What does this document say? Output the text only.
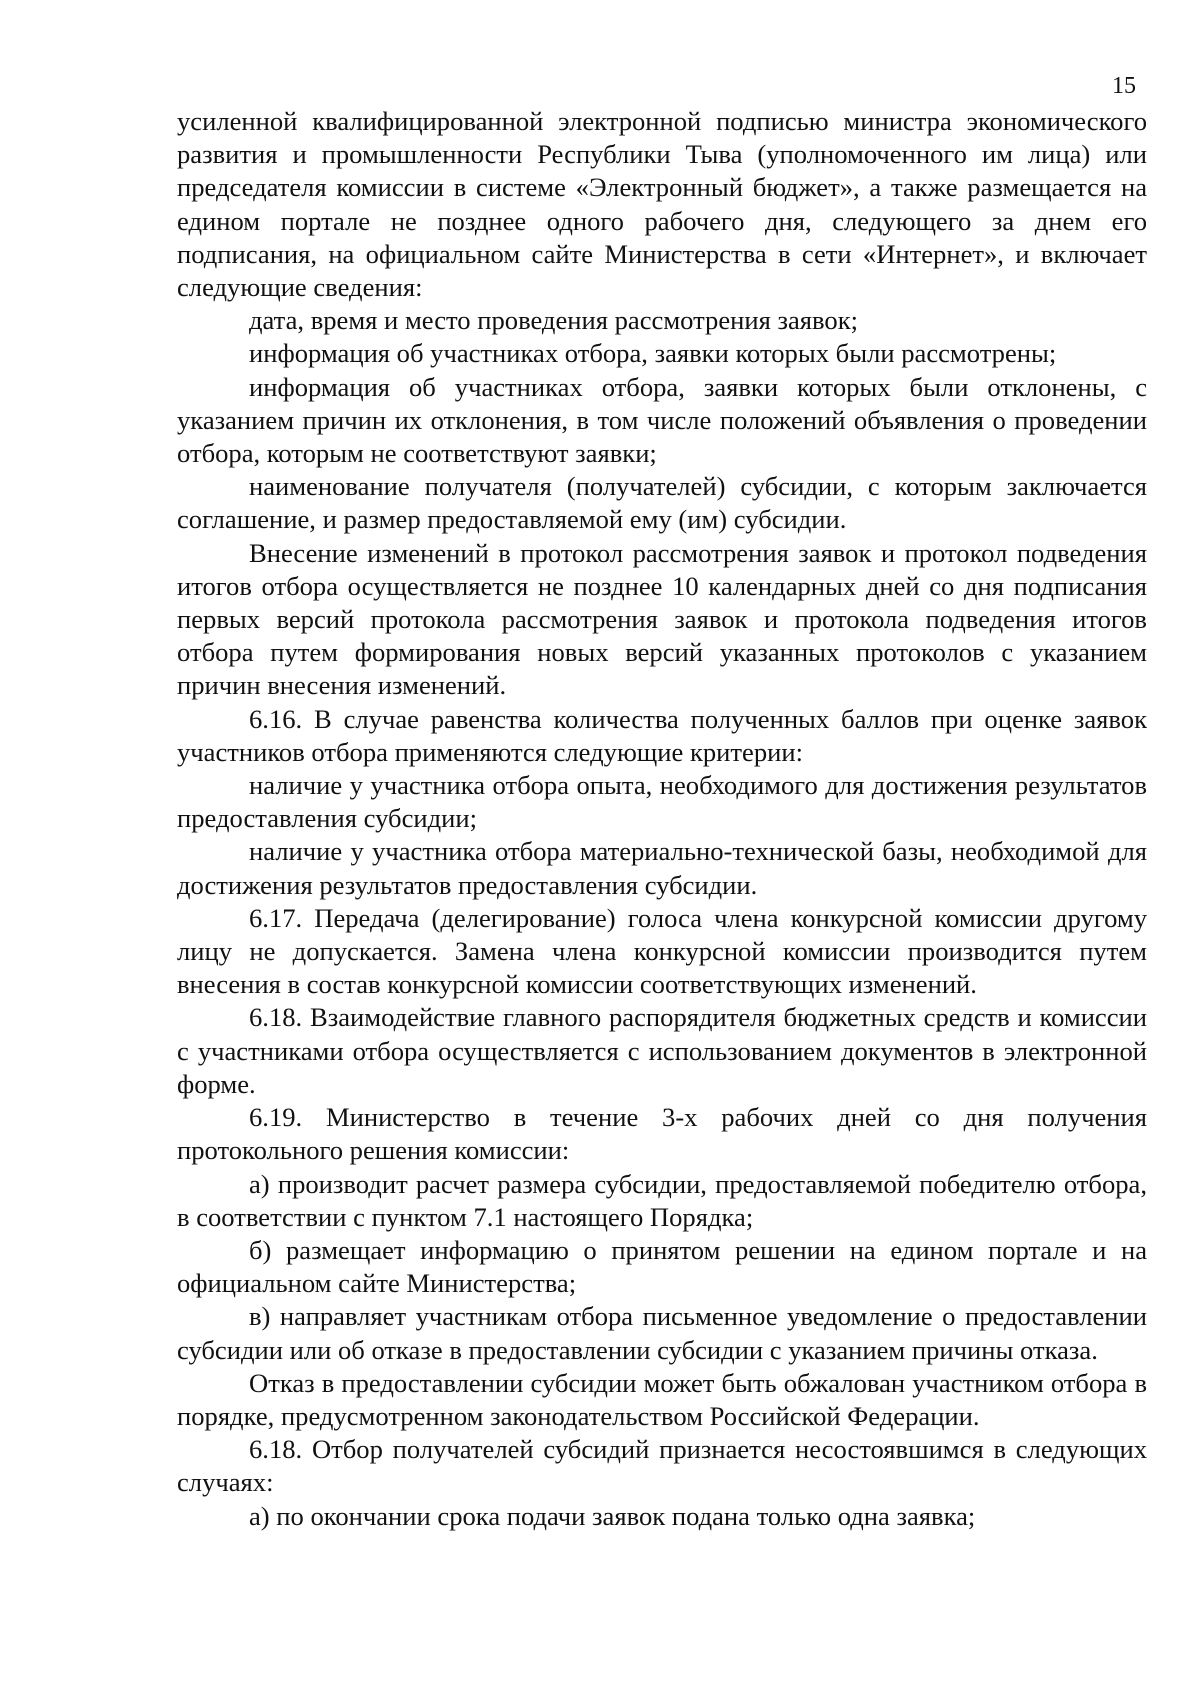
15

усиленной квалифицированной электронной подписью министра экономического развития и промышленности Республики Тыва (уполномоченного им лица) или председателя комиссии в системе «Электронный бюджет», а также размещается на едином портале не позднее одного рабочего дня, следующего за днем его подписания, на официальном сайте Министерства в сети «Интернет», и включает следующие сведения:

дата, время и место проведения рассмотрения заявок;

информация об участниках отбора, заявки которых были рассмотрены;

информация об участниках отбора, заявки которых были отклонены, с указанием причин их отклонения, в том числе положений объявления о проведении отбора, которым не соответствуют заявки;

наименование получателя (получателей) субсидии, с которым заключается соглашение, и размер предоставляемой ему (им) субсидии.

Внесение изменений в протокол рассмотрения заявок и протокол подведения итогов отбора осуществляется не позднее 10 календарных дней со дня подписания первых версий протокола рассмотрения заявок и протокола подведения итогов отбора путем формирования новых версий указанных протоколов с указанием причин внесения изменений.

6.16. В случае равенства количества полученных баллов при оценке заявок участников отбора применяются следующие критерии:

наличие у участника отбора опыта, необходимого для достижения результатов предоставления субсидии;

наличие у участника отбора материально-технической базы, необходимой для достижения результатов предоставления субсидии.

6.17. Передача (делегирование) голоса члена конкурсной комиссии другому лицу не допускается. Замена члена конкурсной комиссии производится путем внесения в состав конкурсной комиссии соответствующих изменений.

6.18. Взаимодействие главного распорядителя бюджетных средств и комиссии с участниками отбора осуществляется с использованием документов в электронной форме.

6.19. Министерство в течение 3-х рабочих дней со дня получения протокольного решения комиссии:

а) производит расчет размера субсидии, предоставляемой победителю отбора, в соответствии с пунктом 7.1 настоящего Порядка;

б) размещает информацию о принятом решении на едином портале и на официальном сайте Министерства;

в) направляет участникам отбора письменное уведомление о предоставлении субсидии или об отказе в предоставлении субсидии с указанием причины отказа.

Отказ в предоставлении субсидии может быть обжалован участником отбора в порядке, предусмотренном законодательством Российской Федерации.

6.18. Отбор получателей субсидий признается несостоявшимся в следующих случаях:

а) по окончании срока подачи заявок подана только одна заявка;
